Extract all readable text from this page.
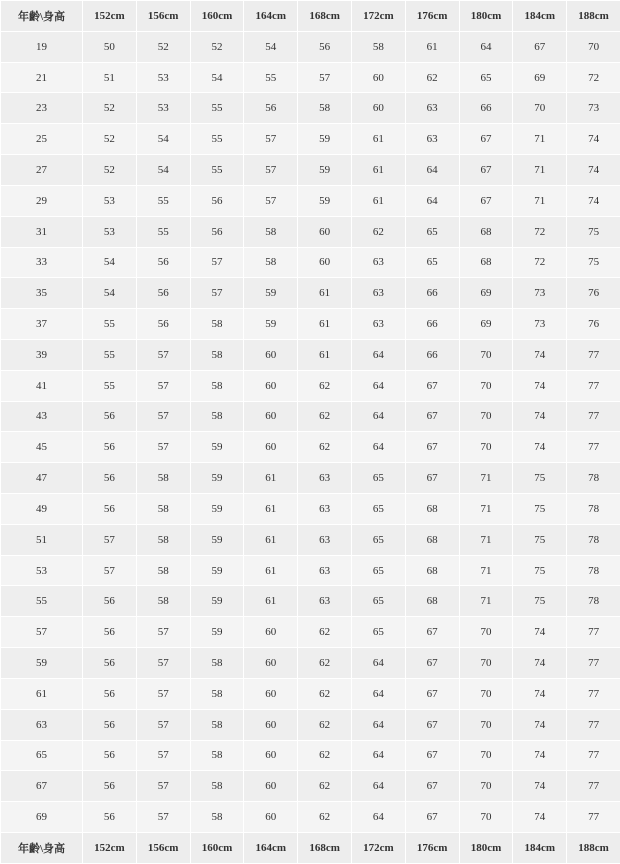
年齡\身高	152cm	156cm	160cm	164cm	168cm	172cm	176cm	180cm	184cm	188cm
19	50	52	52	54	56	58	61	64	67	70
21	51	53	54	55	57	60	62	65	69	72
23	52	53	55	56	58	60	63	66	70	73
25	52	54	55	57	59	61	63	67	71	74
27	52	54	55	57	59	61	64	67	71	74
29	53	55	56	57	59	61	64	67	71	74
31	53	55	56	58	60	62	65	68	72	75
33	54	56	57	58	60	63	65	68	72	75
35	54	56	57	59	61	63	66	69	73	76
37	55	56	58	59	61	63	66	69	73	76
39	55	57	58	60	61	64	66	70	74	77
41	55	57	58	60	62	64	67	70	74	77
43	56	57	58	60	62	64	67	70	74	77
45	56	57	59	60	62	64	67	70	74	77
47	56	58	59	61	63	65	67	71	75	78
49	56	58	59	61	63	65	68	71	75	78
51	57	58	59	61	63	65	68	71	75	78
53	57	58	59	61	63	65	68	71	75	78
55	56	58	59	61	63	65	68	71	75	78
57	56	57	59	60	62	65	67	70	74	77
59	56	57	58	60	62	64	67	70	74	77
61	56	57	58	60	62	64	67	70	74	77
63	56	57	58	60	62	64	67	70	74	77
65	56	57	58	60	62	64	67	70	74	77
67	56	57	58	60	62	64	67	70	74	77
69	56	57	58	60	62	64	67	70	74	77
年齡\身高	152cm	156cm	160cm	164cm	168cm	172cm	176cm	180cm	184cm	188cm
